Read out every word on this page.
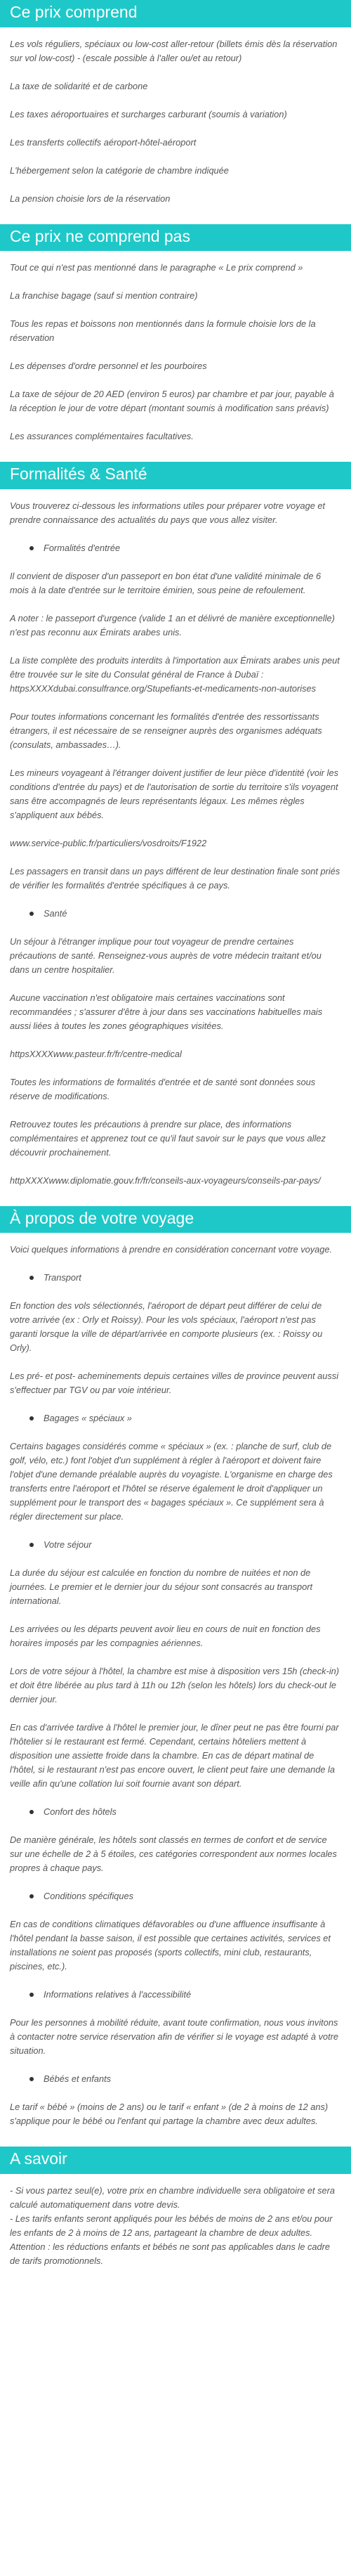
Ce prix comprend

Les vols réguliers, spéciaux ou low-cost aller-retour (billets émis dès la réservation sur vol low-cost) - (escale possible à l'aller ou/et au retour)

La taxe de solidarité et de carbone

Les taxes aéroportuaires et surcharges carburant (soumis à variation)

Les transferts collectifs aéroport-hôtel-aéroport

L'hébergement selon la catégorie de chambre indiquée

La pension choisie lors de la réservation

Ce prix ne comprend pas

Tout ce qui n'est pas mentionné dans le paragraphe « Le prix comprend »

La franchise bagage (sauf si mention contraire)

Tous les repas et boissons non mentionnés dans la formule choisie lors de la réservation

Les dépenses d'ordre personnel et les pourboires

La taxe de séjour de 20 AED (environ 5 euros) par chambre et par jour, payable à la réception le jour de votre départ (montant soumis à modification sans préavis)

Les assurances complémentaires facultatives.

Formalités & Santé

Vous trouverez ci-dessous les informations utiles pour préparer votre voyage et prendre connaissance des actualités du pays que vous allez visiter.

Formalités d'entrée

Il convient de disposer d'un passeport en bon état d'une validité minimale de 6 mois à la date d'entrée sur le territoire émirien, sous peine de refoulement.

A noter : le passeport d'urgence (valide 1 an et délivré de manière exceptionnelle) n'est pas reconnu aux Émirats arabes unis.

La liste complète des produits interdits à l'importation aux Émirats arabes unis peut être trouvée sur le site du Consulat général de France à Dubaï : httpsXXXXdubai.consulfrance.org/Stupefiants-et-medicaments-non-autorises

Pour toutes informations concernant les formalités d'entrée des ressortissants étrangers, il est nécessaire de se renseigner auprès des organismes adéquats (consulats, ambassades…).

Les mineurs voyageant à l'étranger doivent justifier de leur pièce d'identité (voir les conditions d'entrée du pays) et de l'autorisation de sortie du territoire s'ils voyagent sans être accompagnés de leurs représentants légaux. Les mêmes règles s'appliquent aux bébés.

www.service-public.fr/particuliers/vosdroits/F1922

Les passagers en transit dans un pays différent de leur destination finale sont priés de vérifier les formalités d'entrée spécifiques à ce pays.

Santé

Un séjour à l'étranger implique pour tout voyageur de prendre certaines précautions de santé. Renseignez-vous auprès de votre médecin traitant et/ou dans un centre hospitalier.

Aucune vaccination n'est obligatoire mais certaines vaccinations sont recommandées ; s'assurer d'être à jour dans ses vaccinations habituelles mais aussi liées à toutes les zones géographiques visitées.

httpsXXXXwww.pasteur.fr/fr/centre-medical

Toutes les informations de formalités d'entrée et de santé sont données sous réserve de modifications.

Retrouvez toutes les précautions à prendre sur place, des informations complémentaires et apprenez tout ce qu'il faut savoir sur le pays que vous allez découvrir prochainement.

httpXXXXwww.diplomatie.gouv.fr/fr/conseils-aux-voyageurs/conseils-par-pays/

À propos de votre voyage

Voici quelques informations à prendre en considération concernant votre voyage.

Transport

En fonction des vols sélectionnés, l'aéroport de départ peut différer de celui de votre arrivée (ex : Orly et Roissy). Pour les vols spéciaux, l'aéroport n'est pas garanti lorsque la ville de départ/arrivée en comporte plusieurs (ex. : Roissy ou Orly).

Les pré- et post- acheminements depuis certaines villes de province peuvent aussi s'effectuer par TGV ou par voie intérieur.

Bagages « spéciaux »

Certains bagages considérés comme « spéciaux » (ex. : planche de surf, club de golf, vélo, etc.) font l'objet d'un supplément à régler à l'aéroport et doivent faire l'objet d'une demande préalable auprès du voyagiste. L'organisme en charge des transferts entre l'aéroport et l'hôtel se réserve également le droit d'appliquer un supplément pour le transport des « bagages spéciaux ». Ce supplément sera à régler directement sur place.

Votre séjour

La durée du séjour est calculée en fonction du nombre de nuitées et non de journées. Le premier et le dernier jour du séjour sont consacrés au transport international.

Les arrivées ou les départs peuvent avoir lieu en cours de nuit en fonction des horaires imposés par les compagnies aériennes.

Lors de votre séjour à l'hôtel, la chambre est mise à disposition vers 15h (check-in) et doit être libérée au plus tard à 11h ou 12h (selon les hôtels) lors du check-out le dernier jour.

En cas d'arrivée tardive à l'hôtel le premier jour, le dîner peut ne pas être fourni par l'hôtelier si le restaurant est fermé. Cependant, certains hôteliers mettent à disposition une assiette froide dans la chambre. En cas de départ matinal de l'hôtel, si le restaurant n'est pas encore ouvert, le client peut faire une demande la veille afin qu'une collation lui soit fournie avant son départ.

Confort des hôtels

De manière générale, les hôtels sont classés en termes de confort et de service sur une échelle de 2 à 5 étoiles, ces catégories correspondent aux normes locales propres à chaque pays.

Conditions spécifiques

En cas de conditions climatiques défavorables ou d'une affluence insuffisante à l'hôtel pendant la basse saison, il est possible que certaines activités, services et installations ne soient pas proposés (sports collectifs, mini club, restaurants, piscines, etc.).

Informations relatives à l'accessibilité

Pour les personnes à mobilité réduite, avant toute confirmation, nous vous invitons à contacter notre service réservation afin de vérifier si le voyage est adapté à votre situation.

Bébés et enfants

Le tarif « bébé » (moins de 2 ans) ou le tarif « enfant » (de 2 à moins de 12 ans) s'applique pour le bébé ou l'enfant qui partage la chambre avec deux adultes.

A savoir
- Si vous partez seul(e), votre prix en chambre individuelle sera obligatoire et sera calculé automatiquement dans votre devis.
- Les tarifs enfants seront appliqués pour les bébés de moins de 2 ans et/ou pour les enfants de 2 à moins de 12 ans, partageant la chambre de deux adultes.
Attention : les réductions enfants et bébés ne sont pas applicables dans le cadre de tarifs promotionnels.
